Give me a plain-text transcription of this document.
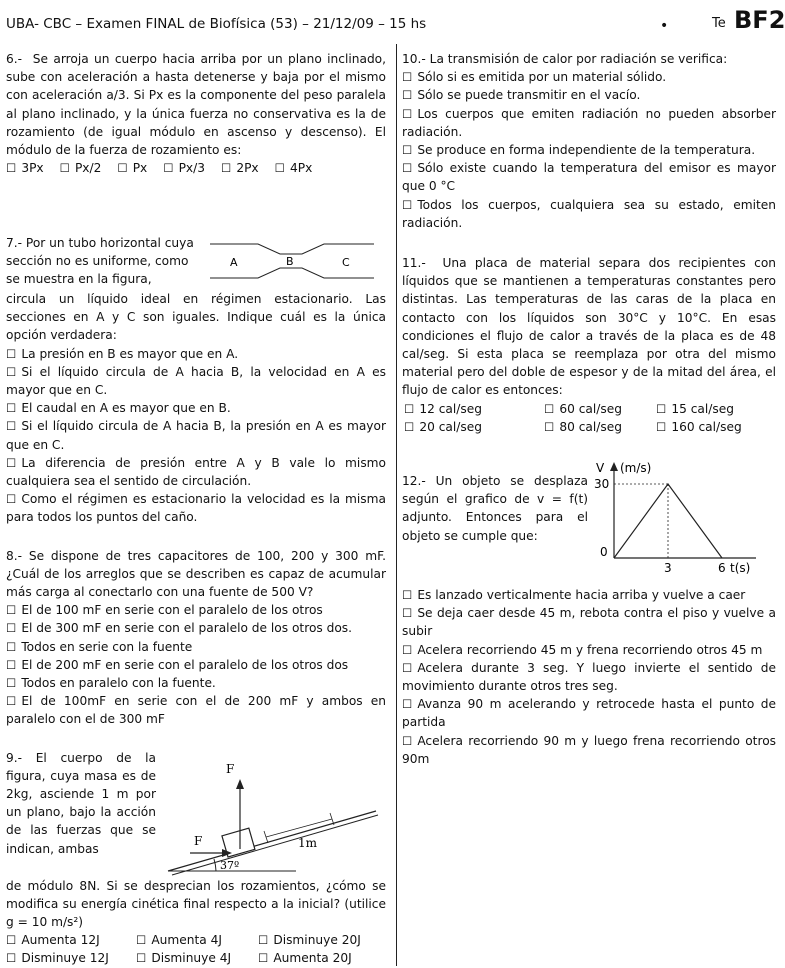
UBA- CBC – Examen FINAL de Biofísica (53) – 21/12/09 – 15 hs	•	Te BF2

6.- Se arroja un cuerpo hacia arriba por un plano inclinado, sube con aceleración a hasta detenerse y baja por el mismo con aceleración a/3. Si Px es la componente del peso paralela al plano inclinado, y la única fuerza no conservativa es la de rozamiento (de igual módulo en ascenso y descenso). El módulo de la fuerza de rozamiento es:

☐ 3Px	☐ Px/2	☐ Px	☐ Px/3	☐ 2Px	☐ 4Px
7.- Por un tubo horizontal cuya sección no es uniforme, como se muestra en la figura,
A	B	C

circula un líquido ideal en régimen estacionario. Las secciones en A y C son iguales. Indique cuál es la única opción verdadera:

☐ La presión en B es mayor que en A.

☐ Si el líquido circula de A hacia B, la velocidad en A es mayor que en C.

☐ El caudal en A es mayor que en B.

☐ Si el líquido circula de A hacia B, la presión en A es mayor que en C.

☐ La diferencia de presión entre A y B vale lo mismo cualquiera sea el sentido de circulación.

☐ Como el régimen es estacionario la velocidad es la misma para todos los puntos del caño.

8.- Se dispone de tres capacitores de 100, 200 y 300 mF. ¿Cuál de los arreglos que se describen es capaz de acumular más carga al conectarlo con una fuente de 500 V?

☐ El de 100 mF en serie con el paralelo de los otros

☐ El de 300 mF en serie con el paralelo de los otros dos.

☐ Todos en serie con la fuente

☐ El de 200 mF en serie con el paralelo de los otros dos

☐ Todos en paralelo con la fuente.

☐ El de 100mF en serie con el de 200 mF y ambos en paralelo con el de 300 mF

9.- El cuerpo de la figura, cuya masa es de 2kg, asciende 1 m por un plano, bajo la acción de las fuerzas que se indican, ambas
F
F	1m
37º

de módulo 8N. Si se desprecian los rozamientos, ¿cómo se modifica su energía cinética final respecto a la inicial? (utilice g = 10 m/s²)

☐ Aumenta 12J	☐ Aumenta 4J	☐ Disminuye 20J
☐ Disminuye 12J	☐ Disminuye 4J	☐ Aumenta 20J

10.- La transmisión de calor por radiación se verifica:

☐ Sólo si es emitida por un material sólido.

☐ Sólo se puede transmitir en el vacío.

☐ Los cuerpos que emiten radiación no pueden absorber radiación.

☐ Se produce en forma independiente de la temperatura.

☐ Sólo existe cuando la temperatura del emisor es mayor que 0 °C

☐ Todos los cuerpos, cualquiera sea su estado, emiten radiación.

11.- Una placa de material separa dos recipientes con líquidos que se mantienen a temperaturas constantes pero distintas. Las temperaturas de las caras de la placa en contacto con los líquidos son 30°C y 10°C. En esas condiciones el flujo de calor a través de la placa es de 48 cal/seg. Si esta placa se reemplaza por otra del mismo material pero del doble de espesor y de la mitad del área, el flujo de calor es entonces:

☐ 12 cal/seg	☐ 60 cal/seg	☐ 15 cal/seg
☐ 20 cal/seg	☐ 80 cal/seg	☐ 160 cal/seg
12.- Un objeto se desplaza según el grafico de v = f(t) adjunto. Entonces para el objeto se cumple que:
V (m/s)
30
0
3	6 t(s)

☐ Es lanzado verticalmente hacia arriba y vuelve a caer

☐ Se deja caer desde 45 m, rebota contra el piso y vuelve a subir

☐ Acelera recorriendo 45 m y frena recorriendo otros 45 m

☐ Acelera durante 3 seg. Y luego invierte el sentido de movimiento durante otros tres seg.

☐ Avanza 90 m acelerando y retrocede hasta el punto de partida

☐ Acelera recorriendo 90 m y luego frena recorriendo otros 90m
